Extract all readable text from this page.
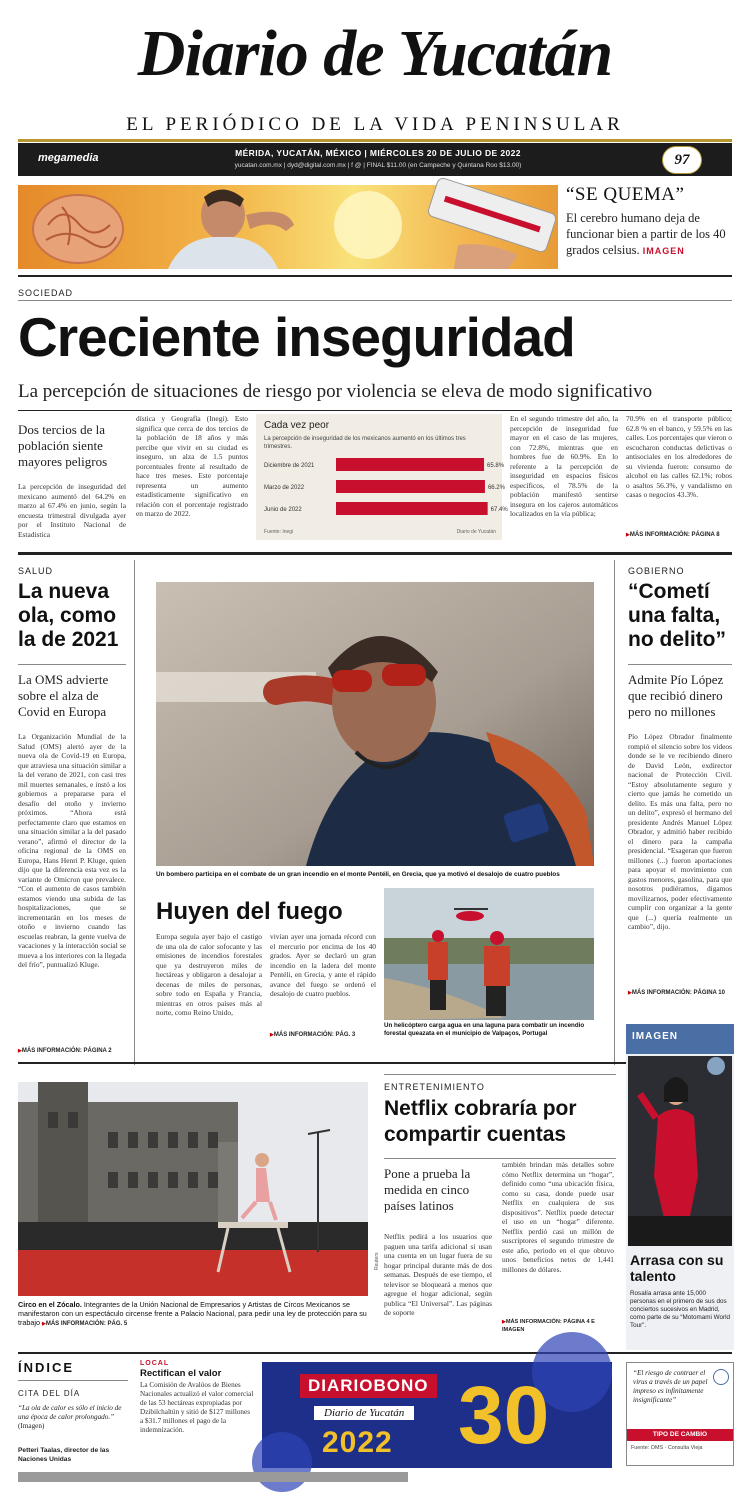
Diario de Yucatán
EL PERIÓDICO DE LA VIDA PENINSULAR
megamedia	MÉRIDA, YUCATÁN, MÉXICO | MIÉRCOLES 20 DE JULIO DE 2022
yucatan.com.mx | dyd@digital.com.mx | f @ | FINAL $11.00 (en Campeche y Quintana Roo $13.00)	97
“SE QUEMA”
El cerebro humano deja de funcionar bien a partir de los 40 grados celsius. IMAGEN
SOCIEDAD
Creciente inseguridad
La percepción de situaciones de riesgo por violencia se eleva de modo significativo
Dos tercios de la población siente mayores peligros
La percepción de inseguridad del mexicano aumentó del 64.2% en marzo al 67.4% en junio, según la encuesta trimestral divulgada ayer por el Instituto Nacional de Estadística
dística y Geografía (Inegi). Esto significa que cerca de dos tercios de la población de 18 años y más percibe que vivir en su ciudad es inseguro, un alza de 1.5 puntos porcentuales frente al resultado de hace tres meses. Este porcentaje representa un aumento estadísticamente significativo en relación con el porcentaje registrado en marzo de 2022.
Cada vez peor
La percepción de inseguridad de los mexicanos aumentó en los últimos tres trimestres.
Diciembre de 2021	65.8%
Marzo de 2022	66.2%
Junio de 2022	67.4%
Fuente: Inegi	Diario de Yucatán
En el segundo trimestre del año, la percepción de inseguridad fue mayor en el caso de las mujeres, con 72.8%, mientras que en hombres fue de 60.9%. En lo referente a la percepción de inseguridad en espacios físicos específicos, el 78.5% de la población manifestó sentirse insegura en los cajeros automáticos localizados en la vía pública;
70.9% en el transporte público; 62.8 % en el banco, y 59.5% en las calles. Los porcentajes que vieron o escucharon conductas delictivas o antisociales en los alrededores de su vivienda fueron: consumo de alcohol en las calles 62.1%; robos o asaltos 56.3%, y vandalismo en casas o negocios 43.3%.
▶ MÁS INFORMACIÓN: PÁGINA 8
SALUD
La nueva ola, como la de 2021
La OMS advierte sobre el alza de Covid en Europa
La Organización Mundial de la Salud (OMS) alertó ayer de la nueva ola de Covid-19 en Europa, que atraviesa una situación similar a la del verano de 2021, con casi tres mil muertes semanales, e instó a los gobiernos a prepararse para el desafío del otoño y invierno próximos. “Ahora está perfectamente claro que estamos en una situación similar a la del pasado verano”, afirmó el director de la oficina regional de la OMS en Europa, Hans Henri P. Kluge, quien dijo que la diferencia esta vez es la variante de Omicron que prevalece. “Con el aumento de casos también estamos viendo una subida de las hospitalizaciones, que se incrementarán en los meses de otoño e invierno cuando las escuelas reabran, la gente vuelva de vacaciones y la interacción social se mueva a los interiores con la llegada del frío”, puntualizó Kluge.
▶ MÁS INFORMACIÓN: PÁGINA 2
Un bombero participa en el combate de un gran incendio en el monte Pentéli, en Grecia, que ya motivó el desalojo de cuatro pueblos
Huyen del fuego
Europa seguía ayer bajo el castigo de una ola de calor sofocante y las emisiones de incendios forestales que ya destruyeron miles de hectáreas y obligaron a desalojar a decenas de miles de personas, sobre todo en España y Francia, mientras en otros países más al norte, como Reino Unido,
vivían ayer una jornada récord con el mercurio por encima de los 40 grados. Ayer se declaró un gran incendio en la ladera del monte Pentéli, en Grecia, y ante el rápido avance del fuego se ordenó el desalojo de cuatro pueblos.
▶ MÁS INFORMACIÓN: PÁG. 3
Un helicóptero carga agua en una laguna para combatir un incendio forestal queazata en el municipio de Valpaços, Portugal
GOBIERNO
“Cometí una falta, no delito”
Admite Pío López que recibió dinero pero no millones
Pío López Obrador finalmente rompió el silencio sobre los videos donde se le ve recibiendo dinero de David León, exdirector nacional de Protección Civil. “Estoy absolutamente seguro y cierto que jamás he cometido un delito. Es más una falta, pero no un delito”, expresó el hermano del presidente Andrés Manuel López Obrador, y admitió haber recibido el dinero para la campaña presidencial. “Esageran que fueron millones (...) fueron aportaciones para apoyar el movimiento con gastos menores, gasolina, para que nosotros pudiéramos, digamos movilizarnos, poder efectivamente cumplir con organizar a la gente que (...) quería realmente un cambio”, dijo.
▶ MÁS INFORMACIÓN: PÁGINA 10
IMAGEN
Arrasa con su talento
Rosalía arrasa ante 15,000 personas en el primero de sus dos conciertos sucesivos en Madrid, como parte de su “Motomami World Tour”.
Reuters
Circo en el Zócalo. Integrantes de la Unión Nacional de Empresarios y Artistas de Circos Mexicanos se manifestaron con un espectáculo circense frente a Palacio Nacional, para pedir una ley de protección para su trabajo ▶ MÁS INFORMACIÓN: PÁG. 5
ENTRETENIMIENTO
Netflix cobraría por compartir cuentas
Pone a prueba la medida en cinco países latinos
Netflix pedirá a los usuarios que paguen una tarifa adicional si usan una cuenta en un lugar fuera de su hogar principal durante más de dos semanas. Después de ese tiempo, el televisor se bloqueará a menos que agregue el hogar adicional, según publica “El Universal”. Las páginas de soporte
también brindan más detalles sobre cómo Netflix determina un “hogar”, definido como “una ubicación física, como su casa, donde puede usar Netflix en cualquiera de sus dispositivos”. Netflix puede detectar el uso en un “hogar” diferente. Netflix perdió casi un millón de suscriptores el segundo trimestre de este año, periodo en el que obtuvo unos beneficios netos de 1,441 millones de dólares.
▶ MÁS INFORMACIÓN: PÁGINA 4 E IMAGEN
ÍNDICE
CITA DEL DÍA
“La ola de calor es sólo el inicio de una época de calor prolongado.” (Imagen)
Petteri Taalas, director de las Naciones Unidas
LOCAL
Rectifican el valor
La Comisión de Avalúos de Bienes Nacionales actualizó el valor comercial de las 53 hectáreas expropiadas por Dzibilchaltún y sitió de $127 millones a $31.7 millones el pago de la indemnización.
DIARIOBONO
Diario de Yucatán
2022 30	“El riesgo de contraer el virus a través de un papel impreso es infinitamente insignificante”
TIPO DE CAMBIO
Fuente: OMS · Consulta Vieja
